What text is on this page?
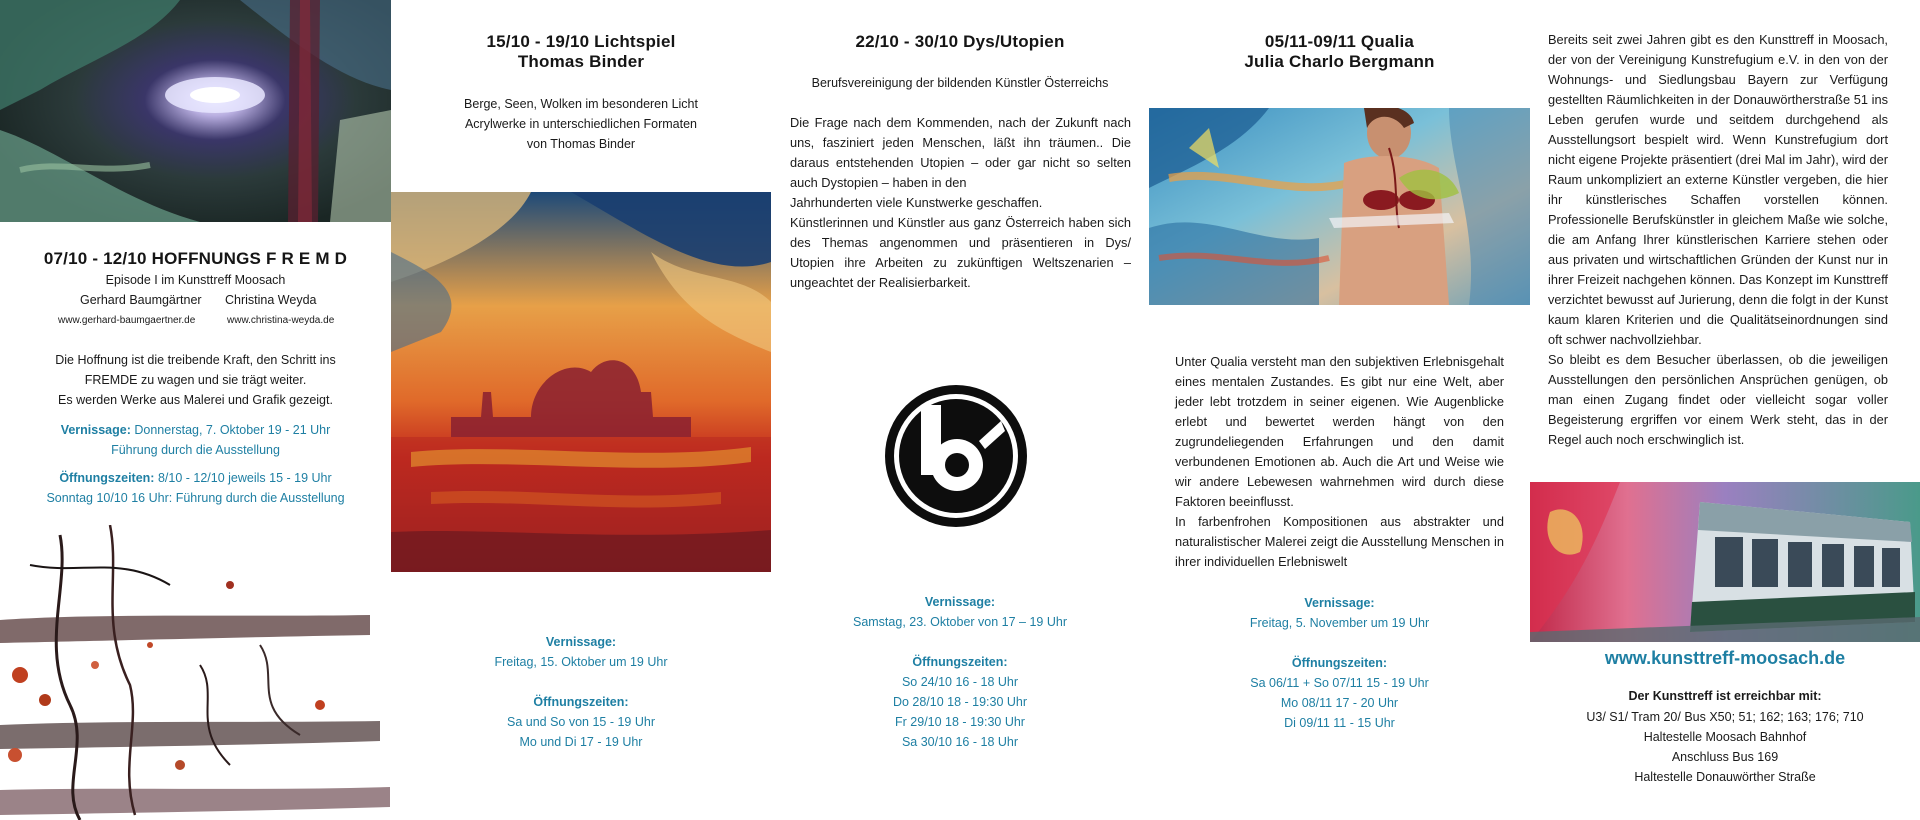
07/10 - 12/10 HOFFNUNGS F R E M D
Episode I im Kunsttreff Moosach
Gerhard Baumgärtner Christina Weyda
www.gerhard-baumgaertner.de	www.christina-weyda.de
Die Hoffnung ist die treibende Kraft, den Schritt ins
FREMDE zu wagen und sie trägt weiter.
Es werden Werke aus Malerei und Grafik gezeigt.
Vernissage: Donnerstag, 7. Oktober 19 - 21 Uhr
Führung durch die Ausstellung
Öffnungszeiten: 8/10 - 12/10 jeweils 15 - 19 Uhr
Sonntag 10/10 16 Uhr: Führung durch die Ausstellung
15/10 - 19/10 Lichtspiel
Thomas Binder
Berge, Seen, Wolken im besonderen Licht
Acrylwerke in unterschiedlichen Formaten
von Thomas Binder
Vernissage:
Freitag, 15. Oktober um 19 Uhr
Öffnungszeiten:
Sa und So von 15 - 19 Uhr
Mo und Di 17 - 19 Uhr
22/10 - 30/10 Dys/Utopien
Berufsvereinigung der bildenden Künstler Österreichs
Die Frage nach dem Kommenden, nach der Zukunft nach uns, fasziniert jeden Menschen, läßt ihn träumen.. Die daraus entstehenden Utopien – oder gar nicht so selten auch Dystopien – haben in den
Jahrhunderten viele Kunstwerke geschaffen.
Künstlerinnen und Künstler aus ganz Österreich haben sich des Themas angenommen und präsentieren in Dys/ Utopien ihre Arbeiten zu zukünftigen Weltszenarien – ungeachtet der Realisierbarkeit.
Vernissage:
Samstag, 23. Oktober von 17 – 19 Uhr
Öffnungszeiten:
So 24/10 16 - 18 Uhr
Do 28/10 18 - 19:30 Uhr
Fr 29/10 18 - 19:30 Uhr
Sa 30/10 16 - 18 Uhr
05/11-09/11 Qualia
Julia Charlo Bergmann
Unter Qualia versteht man den subjektiven Erlebnisgehalt eines mentalen Zustandes. Es gibt nur eine Welt, aber jeder lebt trotzdem in seiner eigenen. Wie Augenblicke erlebt und bewertet werden hängt von den zugrundeliegenden Erfahrungen und den damit verbundenen Emotionen ab. Auch die Art und Weise wie wir andere Lebewesen wahrnehmen wird durch diese Faktoren beeinflusst.
In farbenfrohen Kompositionen aus abstrakter und naturalistischer Malerei zeigt die Ausstellung Menschen in ihrer individuellen Erlebniswelt
Vernissage:
Freitag, 5. November um 19 Uhr
Öffnungszeiten:
Sa 06/11 + So 07/11 15 - 19 Uhr
Mo 08/11 17 - 20 Uhr
Di 09/11 11 - 15 Uhr
Bereits seit zwei Jahren gibt es den Kunsttreff in Moosach, der von der Vereinigung Kunstrefugium e.V. in den von der Wohnungs- und Siedlungsbau Bayern zur Verfügung gestellten Räumlichkeiten in der Donauwörtherstraße 51 ins Leben gerufen wurde und seitdem durchgehend als Ausstellungsort bespielt wird. Wenn Kunstrefugium dort nicht eigene Projekte präsentiert (drei Mal im Jahr), wird der Raum unkompliziert an externe Künstler vergeben, die hier ihr künstlerisches Schaffen vorstellen können. Professionelle Berufskünstler in gleichem Maße wie solche, die am Anfang Ihrer künstlerischen Karriere stehen oder aus privaten und wirtschaftlichen Gründen der Kunst nur in ihrer Freizeit nachgehen können. Das Konzept im Kunsttreff verzichtet bewusst auf Jurierung, denn die folgt in der Kunst kaum klaren Kriterien und die Qualitätseinordnungen sind oft schwer nachvollziehbar.
So bleibt es dem Besucher überlassen, ob die jeweiligen Ausstellungen den persönlichen Ansprüchen genügen, ob man einen Zugang findet oder vielleicht sogar voller Begeisterung ergriffen vor einem Werk steht, das in der Regel auch noch erschwinglich ist.
www.kunsttreff-moosach.de
Der Kunsttreff ist erreichbar mit:
U3/ S1/ Tram 20/ Bus X50; 51; 162; 163; 176; 710
Haltestelle Moosach Bahnhof
Anschluss Bus 169
Haltestelle Donauwörther Straße
